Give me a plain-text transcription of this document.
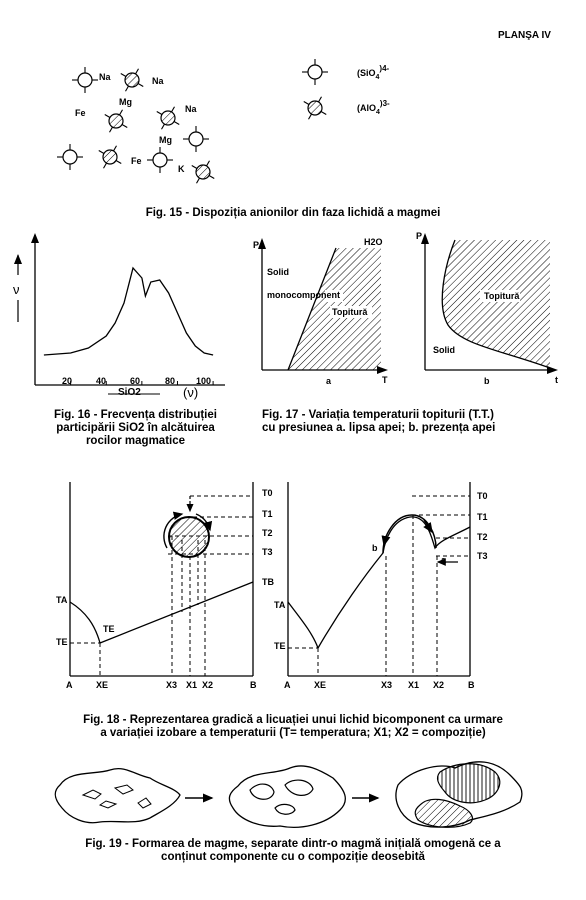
PLANŞA IV
(SiO$_4$)4-
(AlO$_4$)3-
Na	Na
Fe
Mg
Na
Mg
Fe
K
Fig. 15 - Dispoziția anionilor din faza lichidă a magmei
ν
20	40	60	80 100
SiO2	(ν)
Fig. 16 - Frecvența distribuției
participării SiO2 în alcătuirea
rocilor magmatice
P
T
Solid
monocomponent
H2O
Topitură
a
P
t
Solid
Topitură
b
Fig. 17 - Variația temperaturii topiturii (T.T.)
cu presiunea a. lipsa apei; b. prezența apei
T0
T1
T2
T3
TB
TA
TE
TE
A	XE	X3 X1 X2	B
T0
T1
T2
T3
TA
TE
b
a
A	XE	X3 X1 X2	B
Fig. 18 - Reprezentarea gradică a licuației unui lichid bicomponent ca urmare
a variației izobare a temperaturii (T= temperatura; X1; X2 = compoziție)
Fig. 19 - Formarea de magme, separate dintr-o magmă inițială omogenă ce a
conținut componente cu o compoziție deosebită
